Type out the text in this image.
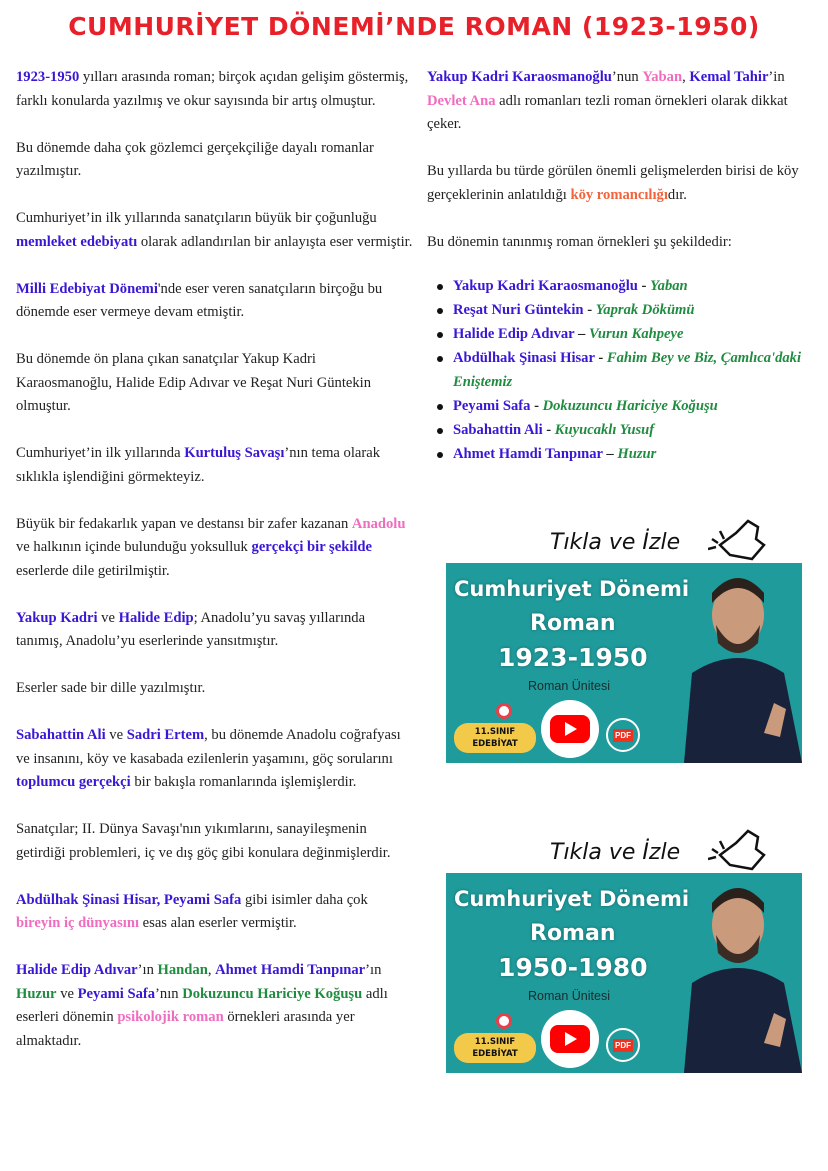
CUMHURİYET DÖNEMİ’NDE ROMAN (1923-1950)

1923-1950 yılları arasında roman; birçok açıdan gelişim göstermiş, farklı konularda yazılmış ve okur sayısında bir artış olmuştur.

Bu dönemde daha çok gözlemci gerçekçiliğe dayalı romanlar yazılmıştır.

Cumhuriyet’in ilk yıllarında sanatçıların büyük bir çoğunluğu memleket edebiyatı olarak adlandırılan bir anlayışta eser vermiştir.

Milli Edebiyat Dönemi'nde eser veren sanatçıların birçoğu bu dönemde eser vermeye devam etmiştir.

Bu dönemde ön plana çıkan sanatçılar Yakup Kadri Karaosmanoğlu, Halide Edip Adıvar ve Reşat Nuri Güntekin olmuştur.

Cumhuriyet’in ilk yıllarında Kurtuluş Savaşı’nın tema olarak sıklıkla işlendiğini görmekteyiz.

Büyük bir fedakarlık yapan ve destansı bir zafer kazanan Anadolu ve halkının içinde bulunduğu yoksulluk gerçekçi bir şekilde eserlerde dile getirilmiştir.

Yakup Kadri ve Halide Edip; Anadolu’yu savaş yıllarında tanımış, Anadolu’yu eserlerinde yansıtmıştır.

Eserler sade bir dille yazılmıştır.

Sabahattin Ali ve Sadri Ertem, bu dönemde Anadolu coğrafyası ve insanını, köy ve kasabada ezilenlerin yaşamını, göç sorularını toplumcu gerçekçi bir bakışla romanlarında işlemişlerdir.

Sanatçılar; II. Dünya Savaşı'nın yıkımlarını, sanayileşmenin getirdiği problemleri, iç ve dış göç gibi konulara değinmişlerdir.

Abdülhak Şinasi Hisar, Peyami Safa gibi isimler daha çok bireyin iç dünyasını esas alan eserler vermiştir.

Halide Edip Adıvar’ın Handan, Ahmet Hamdi Tanpınar’ın Huzur ve Peyami Safa’nın Dokuzuncu Hariciye Koğuşu adlı eserleri dönemin psikolojik roman örnekleri arasında yer almaktadır.

Yakup Kadri Karaosmanoğlu’nun Yaban, Kemal Tahir’in Devlet Ana adlı romanları tezli roman örnekleri olarak dikkat çeker.

Bu yıllarda bu türde görülen önemli gelişmelerden birisi de köy gerçeklerinin anlatıldığı köy romancılığıdır.

Bu dönemin tanınmış roman örnekleri şu şekildedir:

Yakup Kadri Karaosmanoğlu - Yaban
Reşat Nuri Güntekin - Yaprak Dökümü
Halide Edip Adıvar – Vurun Kahpeye
Abdülhak Şinasi Hisar - Fahim Bey ve Biz, Çamlıca'daki Eniştemiz
Peyami Safa - Dokuzuncu Hariciye Koğuşu
Sabahattin Ali - Kuyucaklı Yusuf
Ahmet Hamdi Tanpınar – Huzur
Tıkla ve İzle
Cumhuriyet Dönemi
Roman
1923-1950
Roman Ünitesi
11.SINIF
EDEBİYAT
PDF
Tıkla ve İzle
Cumhuriyet Dönemi
Roman
1950-1980
Roman Ünitesi
11.SINIF
EDEBİYAT
PDF
